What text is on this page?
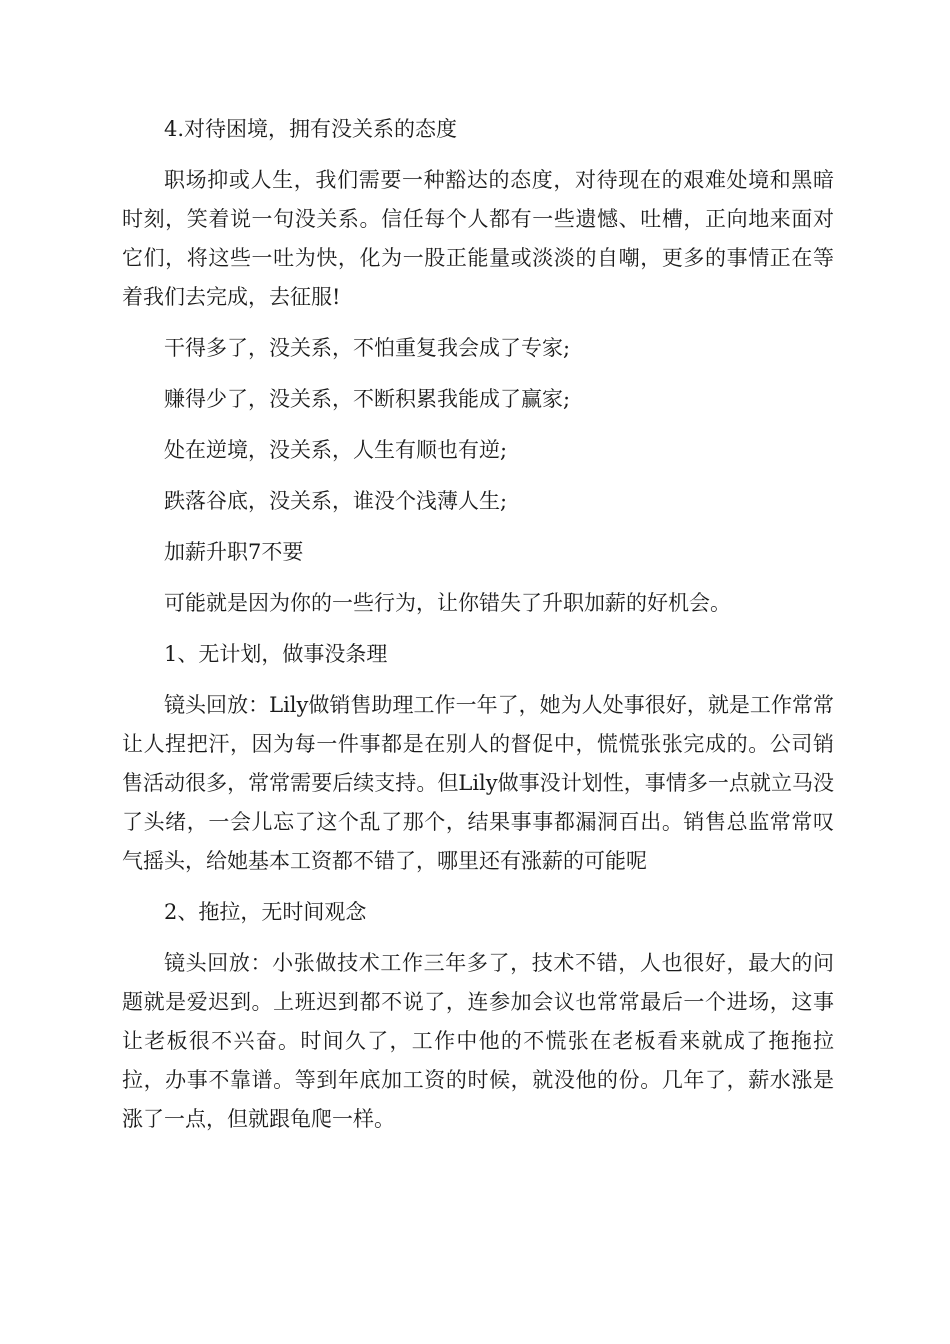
4.对待困境，拥有没关系的态度

职场抑或人生，我们需要一种豁达的态度，对待现在的艰难处境和黑暗时刻，笑着说一句没关系。信任每个人都有一些遗憾、吐槽，正向地来面对它们，将这些一吐为快，化为一股正能量或淡淡的自嘲，更多的事情正在等着我们去完成，去征服!

干得多了，没关系，不怕重复我会成了专家;

赚得少了，没关系，不断积累我能成了赢家;

处在逆境，没关系，人生有顺也有逆;

跌落谷底，没关系，谁没个浅薄人生;

加薪升职7不要

可能就是因为你的一些行为，让你错失了升职加薪的好机会。

1、无计划，做事没条理

镜头回放：Lily做销售助理工作一年了，她为人处事很好，就是工作常常让人捏把汗，因为每一件事都是在别人的督促中，慌慌张张完成的。公司销售活动很多，常常需要后续支持。但Lily做事没计划性，事情多一点就立马没了头绪，一会儿忘了这个乱了那个，结果事事都漏洞百出。销售总监常常叹气摇头，给她基本工资都不错了，哪里还有涨薪的可能呢

2、拖拉，无时间观念

镜头回放：小张做技术工作三年多了，技术不错，人也很好，最大的问题就是爱迟到。上班迟到都不说了，连参加会议也常常最后一个进场，这事让老板很不兴奋。时间久了，工作中他的不慌张在老板看来就成了拖拖拉拉，办事不靠谱。等到年底加工资的时候，就没他的份。几年了，薪水涨是涨了一点，但就跟龟爬一样。
